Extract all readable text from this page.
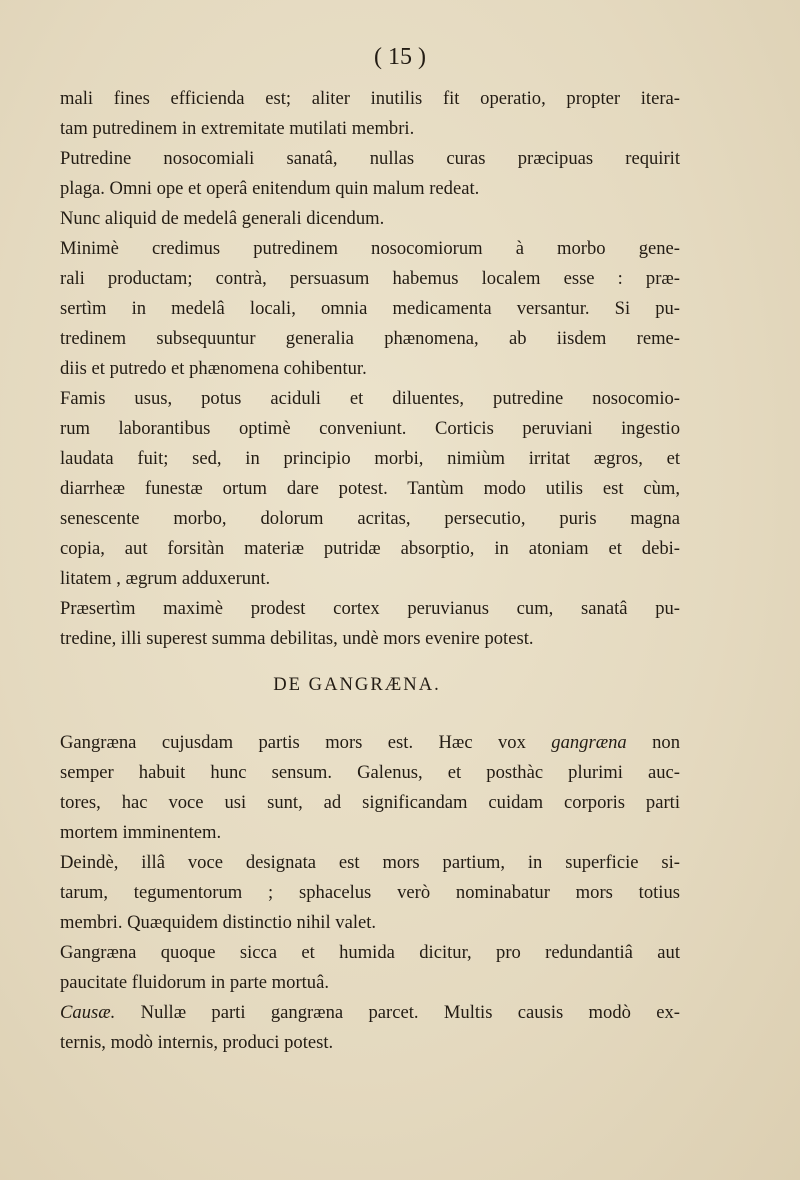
( 15 )
mali fines efficienda est; aliter inutilis fit operatio, propter itera-
tam putredinem in extremitate mutilati membri.
Putredine nosocomiali sanatâ, nullas curas præcipuas requirit
plaga. Omni ope et operâ enitendum quin malum redeat.
Nunc aliquid de medelâ generali dicendum.
Minimè credimus putredinem nosocomiorum à morbo gene-
rali productam; contrà, persuasum habemus localem esse : præ-
sertìm in medelâ locali, omnia medicamenta versantur. Si pu-
tredinem subsequuntur generalia phænomena, ab iisdem reme-
diis et putredo et phænomena cohibentur.
Famis usus, potus aciduli et diluentes, putredine nosocomio-
rum laborantibus optimè conveniunt. Corticis peruviani ingestio
laudata fuit; sed, in principio morbi, nimiùm irritat ægros, et
diarrheæ funestæ ortum dare potest. Tantùm modo utilis est cùm,
senescente morbo, dolorum acritas, persecutio, puris magna
copia, aut forsitàn materiæ putridæ absorptio, in atoniam et debi-
litatem , ægrum adduxerunt.
Præsertìm maximè prodest cortex peruvianus cum, sanatâ pu-
tredine, illi superest summa debilitas, undè mors evenire potest.
DE GANGRÆNA.
Gangræna cujusdam partis mors est. Hæc vox gangræna non
semper habuit hunc sensum. Galenus, et posthàc plurimi auc-
tores, hac voce usi sunt, ad significandam cuidam corporis parti
mortem imminentem.
Deindè, illâ voce designata est mors partium, in superficie si-
tarum, tegumentorum ; sphacelus verò nominabatur mors totius
membri. Quæquidem distinctio nihil valet.
Gangræna quoque sicca et humida dicitur, pro redundantiâ aut
paucitate fluidorum in parte mortuâ.
Causæ. Nullæ parti gangræna parcet. Multis causis modò ex-
ternis, modò internis, produci potest.
